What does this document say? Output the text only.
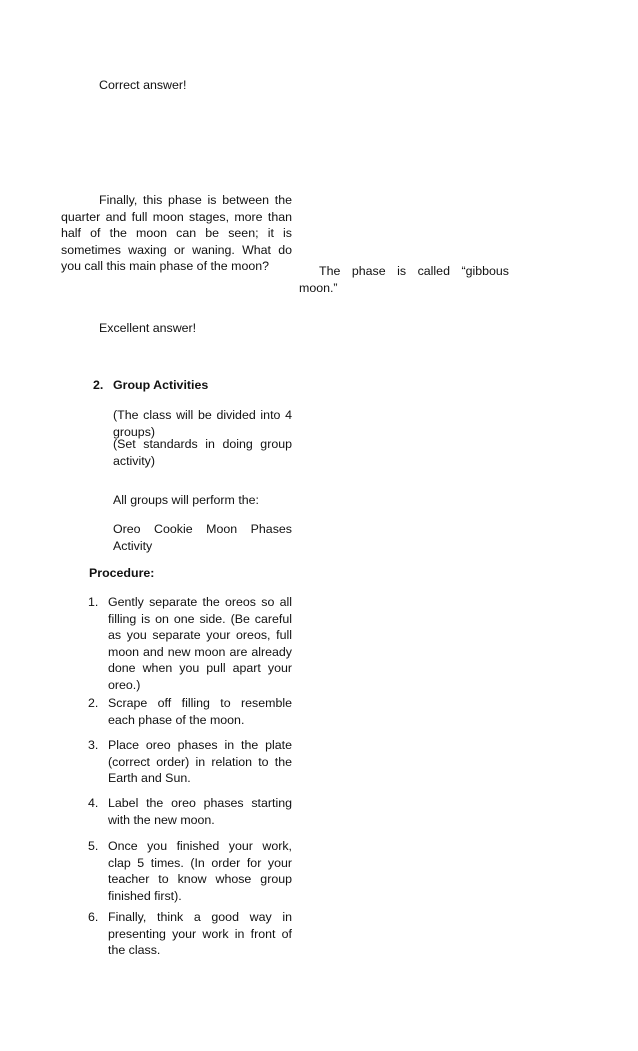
Correct answer!
Finally, this phase is between the quarter and full moon stages, more than half of the moon can be seen; it is sometimes waxing or waning. What do you call this main phase of the moon?	The phase is called “gibbous moon.”
Excellent answer!
2. Group Activities
(The class will be divided into 4 groups)
(Set standards in doing group activity)
All groups will perform the:
Oreo Cookie Moon Phases Activity
Procedure:
1. Gently separate the oreos so all filling is on one side. (Be careful as you separate your oreos, full moon and new moon are already done when you pull apart your oreo.)
2. Scrape off filling to resemble each phase of the moon.
3. Place oreo phases in the plate (correct order) in relation to the Earth and Sun.
4. Label the oreo phases starting with the new moon.
5. Once you finished your work, clap 5 times. (In order for your teacher to know whose group finished first).
6. Finally, think a good way in presenting your work in front of the class.
